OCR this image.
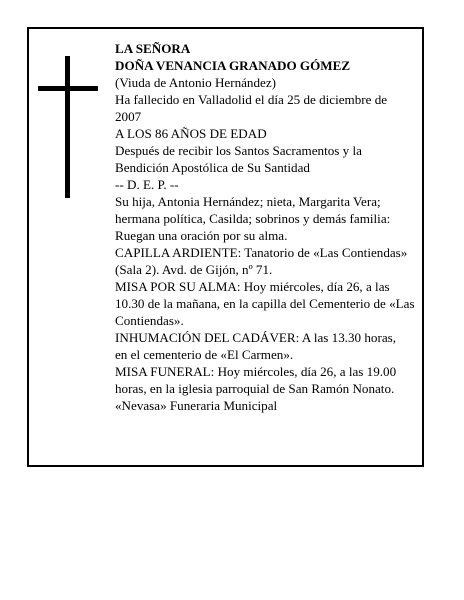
LA SEÑORA
DOÑA VENANCIA GRANADO GÓMEZ
(Viuda de Antonio Hernández)
Ha fallecido en Valladolid el día 25 de diciembre de
2007
A LOS 86 AÑOS DE EDAD
Después de recibir los Santos Sacramentos y la
Bendición Apostólica de Su Santidad
-- D. E. P. --
Su hija, Antonia Hernández; nieta, Margarita Vera;
hermana política, Casilda; sobrinos y demás familia:
Ruegan una oración por su alma.
CAPILLA ARDIENTE: Tanatorio de «Las Contiendas»
(Sala 2). Avd. de Gijón, nº 71.
MISA POR SU ALMA: Hoy miércoles, día 26, a las
10.30 de la mañana, en la capilla del Cementerio de «Las
Contiendas».
INHUMACIÓN DEL CADÁVER: A las 13.30 horas,
en el cementerio de «El Carmen».
MISA FUNERAL: Hoy miércoles, día 26, a las 19.00
horas, en la iglesia parroquial de San Ramón Nonato.
«Nevasa» Funeraria Municipal
